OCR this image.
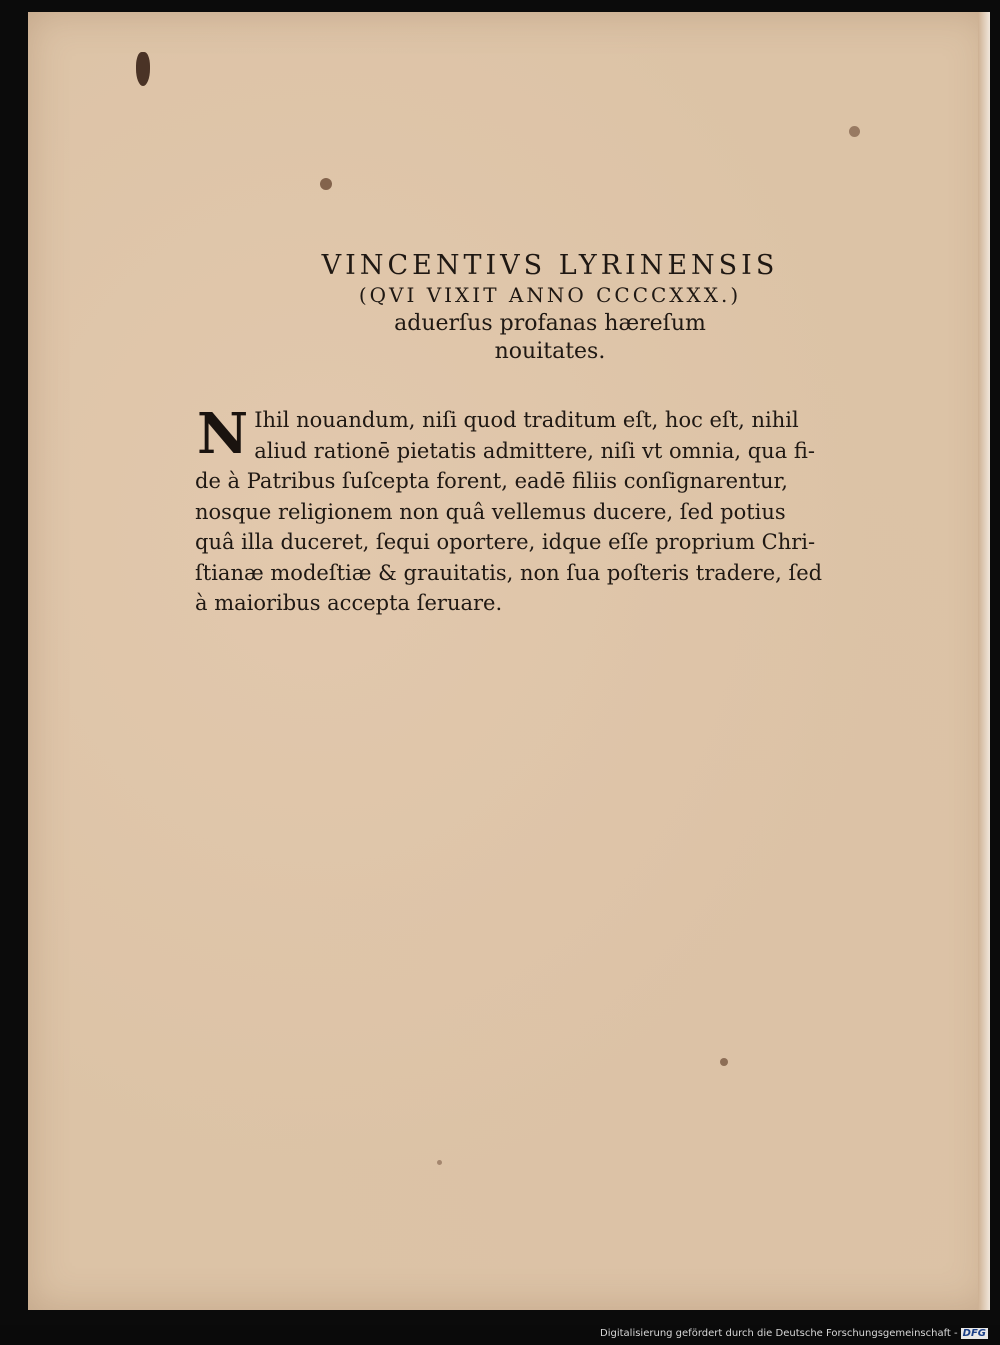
VINCENTIVS LYRINENSIS
(QVI VIXIT ANNO CCCCXXX.)
aduerſus profanas hæreſum
nouitates.
N Ihil nouandum, niſi quod traditum eſt, hoc eſt, nihil
aliud rationē pietatis admittere, niſi vt omnia, qua fi-
de à Patribus ſuſcepta forent, eadē filiis conſignarentur,
nosque religionem non quâ vellemus ducere, ſed potius
quâ illa duceret, ſequi oportere, idque eſſe proprium Chri-
ſtianæ modeſtiæ & grauitatis, non ſua poſteris tradere, ſed
à maioribus accepta ſeruare.
Digitalisierung gefördert durch die Deutsche Forschungsgemeinschaft - DFG
